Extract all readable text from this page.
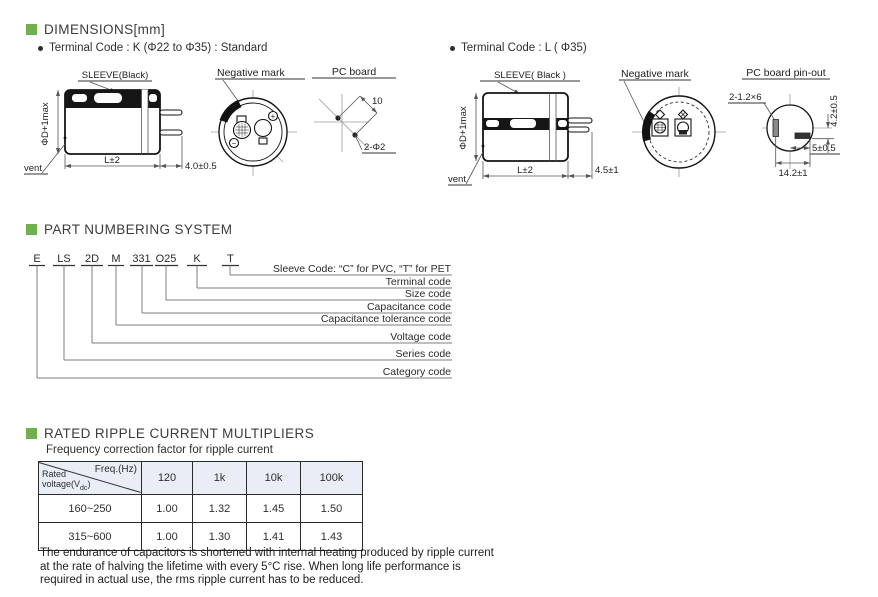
DIMENSIONS[mm]
Terminal Code : K (Φ22 to Φ35) : Standard	Terminal Code : L ( Φ35)
SLEEVE(Black)
ΦD+1max
L±2
4.0±0.5
vent
Negative mark
−
+
PC board
10
2-Φ2
SLEEVE( Black )
ΦD+1max
L±2	4.5±1
vent
Negative mark	PC board pin-out
2-1.2×6	4.2±0.5
5±0.5
14.2±1
PART NUMBERING SYSTEM
E LS 2D M 331 O25 K T
Sleeve Code: “C” for PVC, “T” for PET
Terminal code
Size code
Capacitance code
Capacitance tolerance code
Voltage code
Series code
Category code
RATED RIPPLE CURRENT MULTIPLIERS
Frequency correction factor for ripple current
Freq.(Hz)
Rated
$voltage(V_{dc})$	120	1k	10k	100k
160~250	1.00	1.32	1.45	1.50
315~600	1.00	1.30	1.41	1.43
The endurance of capacitors is shortened with internal heating produced by ripple current at the rate of halving the lifetime with every 5°C rise. When long life performance is required in actual use, the rms ripple current has to be reduced.
